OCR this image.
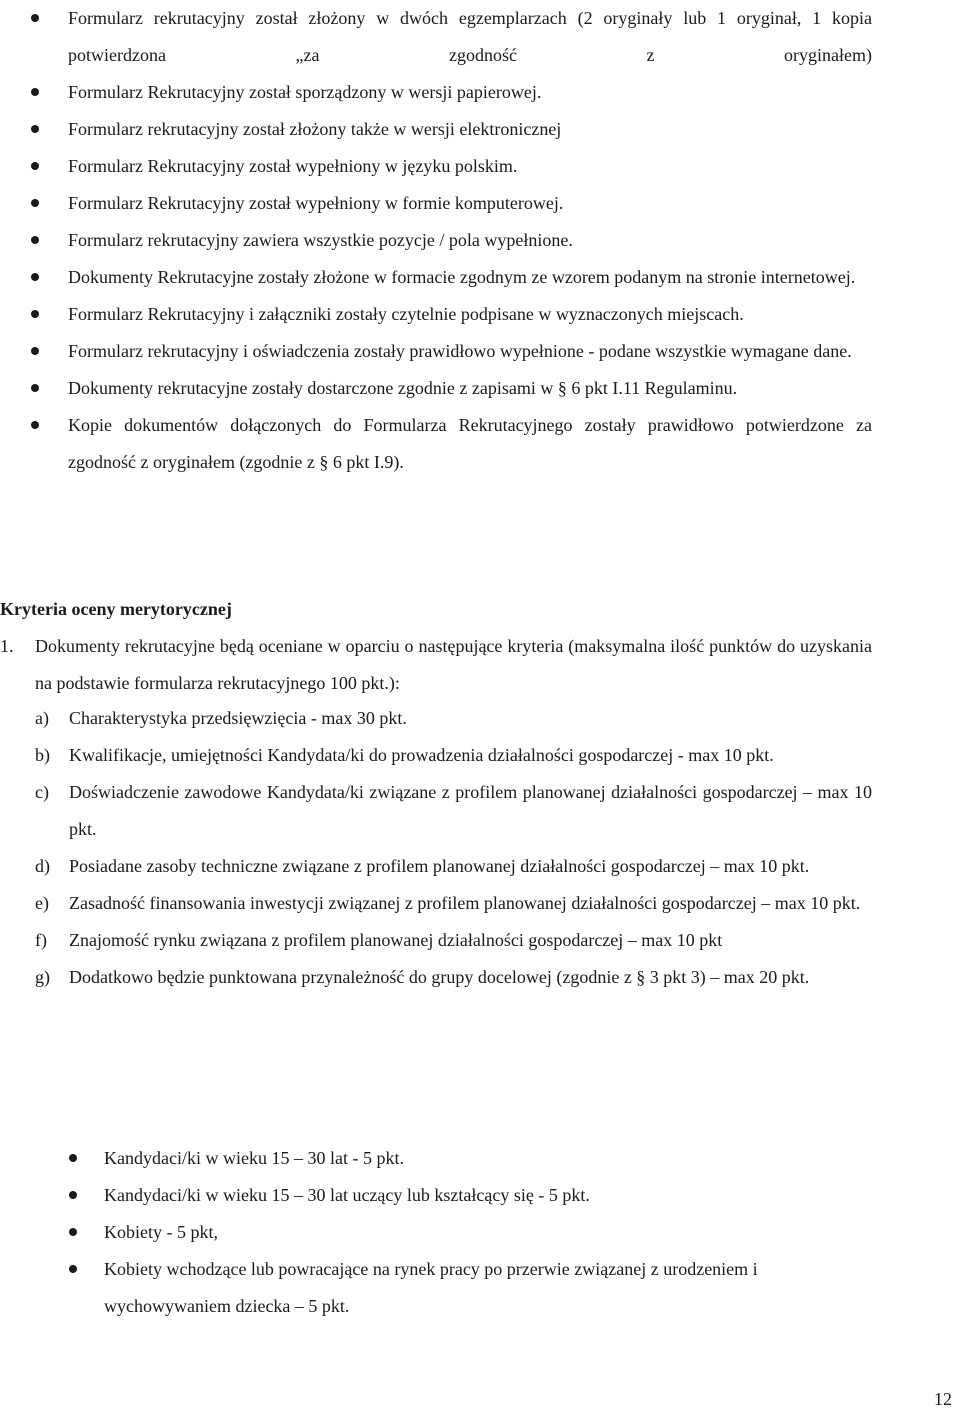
Formularz rekrutacyjny został złożony w dwóch egzemplarzach (2 oryginały lub 1 oryginał, 1 kopia potwierdzona „za zgodność z oryginałem)
Formularz Rekrutacyjny został sporządzony w wersji papierowej.
Formularz rekrutacyjny został złożony także w wersji elektronicznej
Formularz Rekrutacyjny został wypełniony w języku polskim.
Formularz Rekrutacyjny został wypełniony w formie komputerowej.
Formularz rekrutacyjny zawiera wszystkie pozycje / pola wypełnione.
Dokumenty Rekrutacyjne zostały złożone w formacie zgodnym ze wzorem podanym na stronie internetowej.
Formularz Rekrutacyjny i załączniki zostały czytelnie podpisane w wyznaczonych miejscach.
Formularz rekrutacyjny i oświadczenia zostały prawidłowo wypełnione - podane wszystkie wymagane dane.
Dokumenty rekrutacyjne zostały dostarczone zgodnie z zapisami w § 6 pkt I.11 Regulaminu.
Kopie dokumentów dołączonych do Formularza Rekrutacyjnego zostały prawidłowo potwierdzone za zgodność z oryginałem (zgodnie z § 6 pkt I.9).
Kryteria oceny merytorycznej
1.	Dokumenty rekrutacyjne będą oceniane w oparciu o następujące kryteria (maksymalna ilość punktów do uzyskania na podstawie formularza rekrutacyjnego 100 pkt.):
a) Charakterystyka przedsięwzięcia - max 30 pkt.
b) Kwalifikacje, umiejętności Kandydata/ki do prowadzenia działalności gospodarczej - max 10 pkt.
c) Doświadczenie zawodowe Kandydata/ki związane z profilem planowanej działalności gospodarczej – max 10 pkt.
d) Posiadane zasoby techniczne związane z profilem planowanej działalności gospodarczej – max 10 pkt.
e) Zasadność finansowania inwestycji związanej z profilem planowanej działalności gospodarczej – max 10 pkt.
f) Znajomość rynku związana z profilem planowanej działalności gospodarczej – max 10 pkt
g) Dodatkowo będzie punktowana przynależność do grupy docelowej (zgodnie z § 3 pkt 3) – max 20 pkt.
Kandydaci/ki w wieku 15 – 30 lat - 5 pkt.
Kandydaci/ki w wieku 15 – 30 lat uczący lub kształcący się - 5 pkt.
Kobiety - 5 pkt,
Kobiety wchodzące lub powracające na rynek pracy po przerwie związanej z urodzeniem i wychowywaniem dziecka – 5 pkt.
12
